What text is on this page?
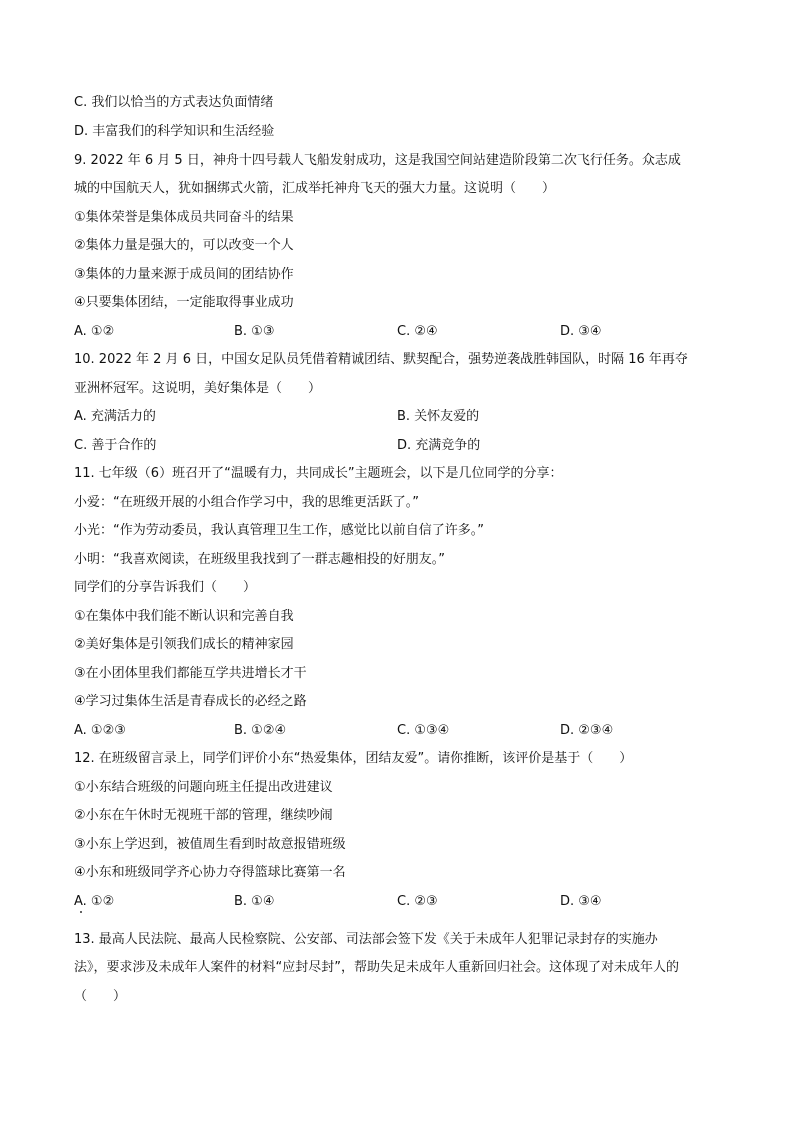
C. 我们以恰当的方式表达负面情绪
D. 丰富我们的科学知识和生活经验
9. 2022 年 6 月 5 日，神舟十四号载人飞船发射成功，这是我国空间站建造阶段第二次飞行任务。众志成
城的中国航天人，犹如捆绑式火箭，汇成举托神舟飞天的强大力量。这说明（　　）
①集体荣誉是集体成员共同奋斗的结果
②集体力量是强大的，可以改变一个人
③集体的力量来源于成员间的团结协作
④只要集体团结，一定能取得事业成功
A. ①②	B. ①③	C. ②④	D. ③④
10. 2022 年 2 月 6 日，中国女足队员凭借着精诚团结、默契配合，强势逆袭战胜韩国队，时隔 16 年再夺
亚洲杯冠军。这说明，美好集体是（　　）
A. 充满活力的	B. 关怀友爱的
C. 善于合作的	D. 充满竞争的
11. 七年级（6）班召开了“温暖有力，共同成长”主题班会，以下是几位同学的分享：
小爱：“在班级开展的小组合作学习中，我的思维更活跃了。”
小光：“作为劳动委员，我认真管理卫生工作，感觉比以前自信了许多。”
小明：“我喜欢阅读，在班级里我找到了一群志趣相投的好朋友。”
同学们的分享告诉我们（　　）
①在集体中我们能不断认识和完善自我
②美好集体是引领我们成长的精神家园
③在小团体里我们都能互学共进增长才干
④学习过集体生活是青春成长的必经之路
A. ①②③	B. ①②④	C. ①③④	D. ②③④
12. 在班级留言录上，同学们评价小东“热爱集体，团结友爱”。请你推断，该评价是基于（　　）
①小东结合班级的问题向班主任提出改进建议
②小东在午休时无视班干部的管理，继续吵闹
③小东上学迟到，被值周生看到时故意报错班级
④小东和班级同学齐心协力夺得篮球比赛第一名
A. ①②	B. ①④	C. ②③	D. ③④
13. 最高人民法院、最高人民检察院、公安部、司法部会签下发《关于未成年人犯罪记录封存的实施办
法》，要求涉及未成年人案件的材料“应封尽封”，帮助失足未成年人重新回归社会。这体现了对未成年人的
（　　）
